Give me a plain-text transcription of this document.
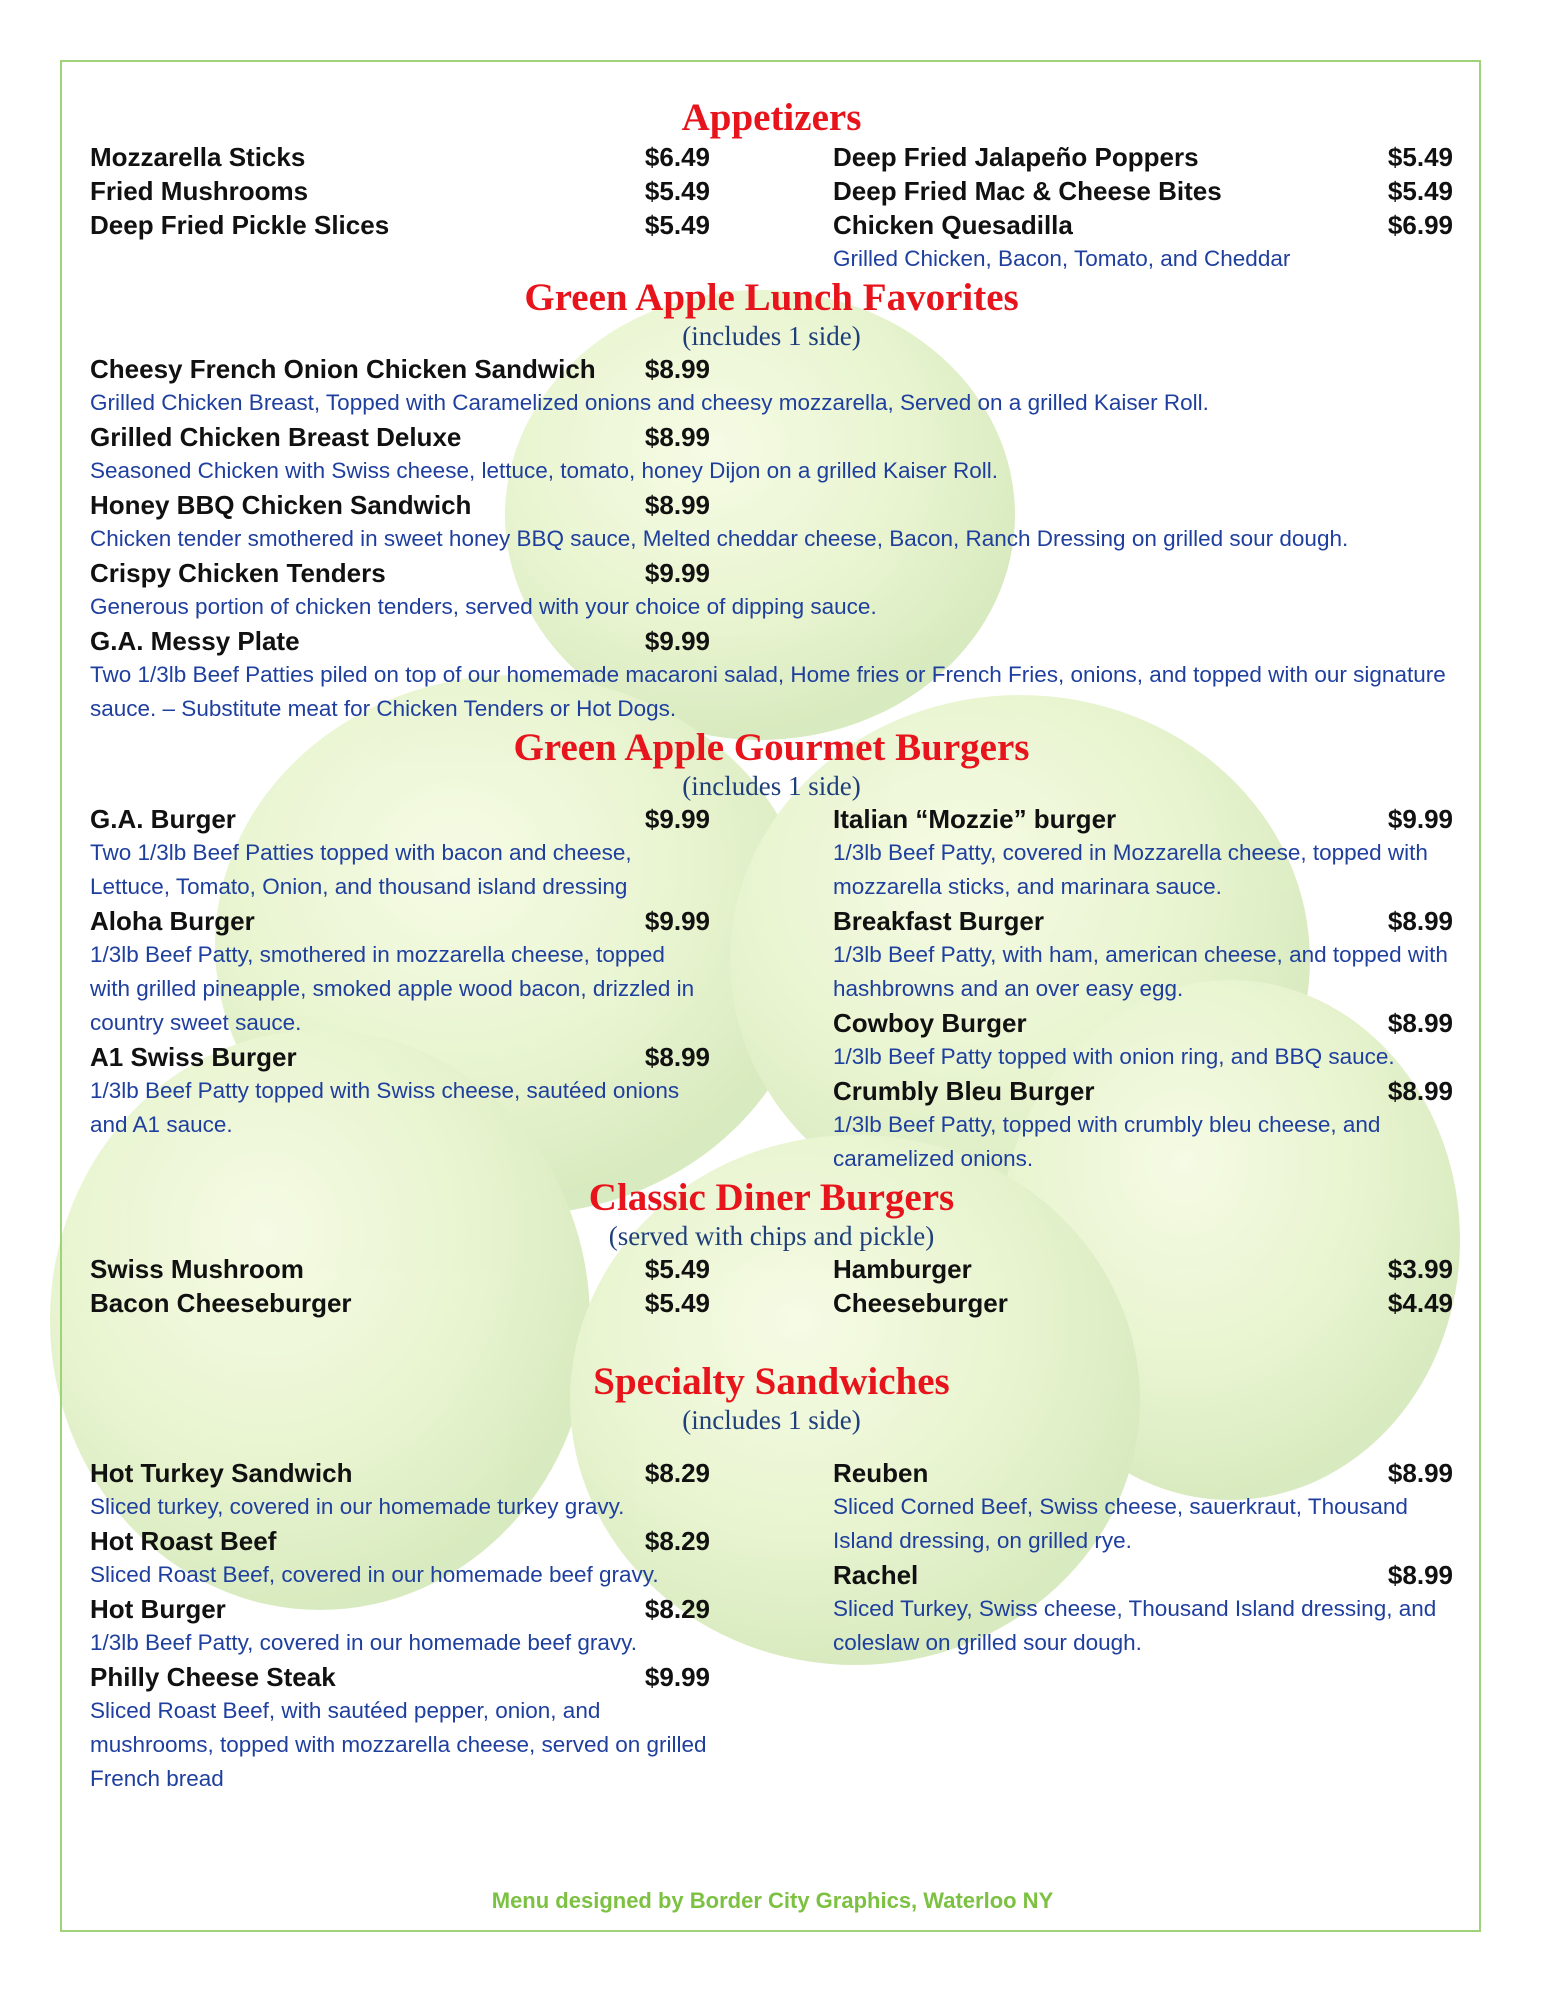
Appetizers
Mozzarella Sticks	$6.49
Fried Mushrooms	$5.49
Deep Fried Pickle Slices	$5.49
Deep Fried Jalapeño Poppers	$5.49
Deep Fried Mac & Cheese Bites	$5.49
Chicken Quesadilla	$6.99
Grilled Chicken, Bacon, Tomato, and Cheddar
Green Apple Lunch Favorites
(includes 1 side)
Cheesy French Onion Chicken Sandwich	$8.99
Grilled Chicken Breast, Topped with Caramelized onions and cheesy mozzarella, Served on a grilled Kaiser Roll.
Grilled Chicken Breast Deluxe	$8.99
Seasoned Chicken with Swiss cheese, lettuce, tomato, honey Dijon on a grilled Kaiser Roll.
Honey BBQ Chicken Sandwich	$8.99
Chicken tender smothered in sweet honey BBQ sauce, Melted cheddar cheese, Bacon, Ranch Dressing on grilled sour dough.
Crispy Chicken Tenders	$9.99
Generous portion of chicken tenders, served with your choice of dipping sauce.
G.A. Messy Plate	$9.99
Two 1/3lb Beef Patties piled on top of our homemade macaroni salad, Home fries or French Fries, onions, and topped with our signature sauce. – Substitute meat for Chicken Tenders or Hot Dogs.
Green Apple Gourmet Burgers
(includes 1 side)
G.A. Burger	$9.99
Two 1/3lb Beef Patties topped with bacon and cheese, Lettuce, Tomato, Onion, and thousand island dressing
Aloha Burger	$9.99
1/3lb Beef Patty, smothered in mozzarella cheese, topped with grilled pineapple, smoked apple wood bacon, drizzled in country sweet sauce.
A1 Swiss Burger	$8.99
1/3lb Beef Patty topped with Swiss cheese, sautéed onions and A1 sauce.
Italian “Mozzie” burger	$9.99
1/3lb Beef Patty, covered in Mozzarella cheese, topped with mozzarella sticks, and marinara sauce.
Breakfast Burger	$8.99
1/3lb Beef Patty, with ham, american cheese, and topped with hashbrowns and an over easy egg.
Cowboy Burger	$8.99
1/3lb Beef Patty topped with onion ring, and BBQ sauce.
Crumbly Bleu Burger	$8.99
1/3lb Beef Patty, topped with crumbly bleu cheese, and caramelized onions.
Classic Diner Burgers
(served with chips and pickle)
Swiss Mushroom	$5.49
Bacon Cheeseburger	$5.49
Hamburger	$3.99
Cheeseburger	$4.49
Specialty Sandwiches
(includes 1 side)
Hot Turkey Sandwich	$8.29
Sliced turkey, covered in our homemade turkey gravy.
Hot Roast Beef	$8.29
Sliced Roast Beef, covered in our homemade beef gravy.
Hot Burger	$8.29
1/3lb Beef Patty, covered in our homemade beef gravy.
Philly Cheese Steak	$9.99
Sliced Roast Beef, with sautéed pepper, onion, and mushrooms, topped with mozzarella cheese, served on grilled French bread
Reuben	$8.99
Sliced Corned Beef, Swiss cheese, sauerkraut, Thousand Island dressing, on grilled rye.
Rachel	$8.99
Sliced Turkey, Swiss cheese, Thousand Island dressing, and coleslaw on grilled sour dough.
Menu designed by Border City Graphics, Waterloo NY
